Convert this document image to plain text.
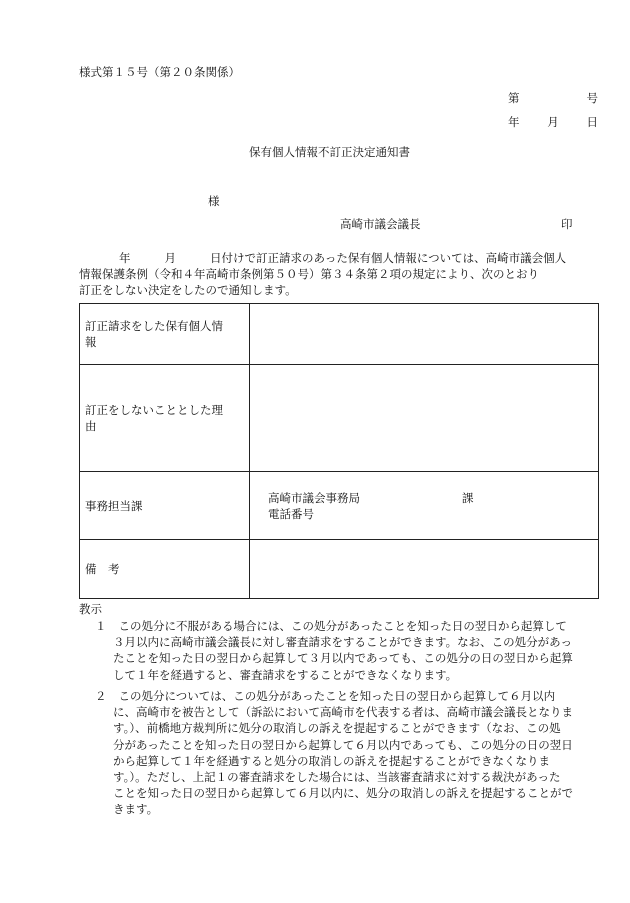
様式第１５号（第２０条関係）
第	号
年 月 日
保有個人情報不訂正決定通知書
様
高崎市議会議長	印
年	月	日付けで訂正請求のあった保有個人情報については、高崎市議会個人
情報保護条例（令和４年高崎市条例第５０号）第３４条第２項の規定により、次のとおり
訂正をしない決定をしたので通知します。
訂正請求をした保有個人情
報	

訂正をしないこととした理
由	

事務担当課	高崎市議会事務局 課
電話番号

備　考	
教示
１ この処分に不服がある場合には、この処分があったことを知った日の翌日から起算して
３月以内に高崎市議会議長に対し審査請求をすることができます。なお、この処分があっ
たことを知った日の翌日から起算して３月以内であっても、この処分の日の翌日から起算
して１年を経過すると、審査請求をすることができなくなります。
２ この処分については、この処分があったことを知った日の翌日から起算して６月以内
に、高崎市を被告として（訴訟において高崎市を代表する者は、高崎市議会議長となりま
す。）、前橋地方裁判所に処分の取消しの訴えを提起することができます（なお、この処
分があったことを知った日の翌日から起算して６月以内であっても、この処分の日の翌日
から起算して１年を経過すると処分の取消しの訴えを提起することができなくなりま
す。）。ただし、上記１の審査請求をした場合には、当該審査請求に対する裁決があった
ことを知った日の翌日から起算して６月以内に、処分の取消しの訴えを提起することがで
きます。
